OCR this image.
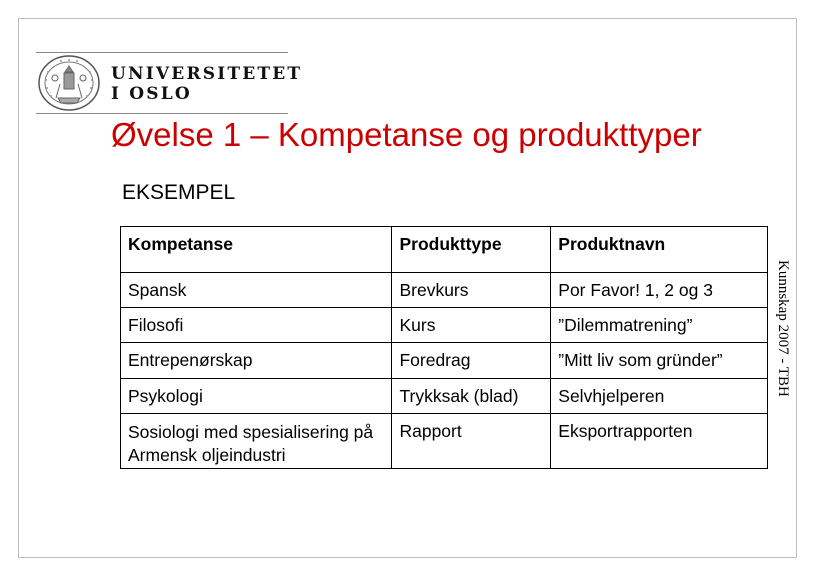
UNIVERSITETET
I OSLO
Øvelse 1 – Kompetanse og produkttyper
EKSEMPEL
Kompetanse	Produkttype	Produktnavn
Spansk	Brevkurs	Por Favor! 1, 2 og 3
Filosofi	Kurs	”Dilemmatrening”
Entrepenørskap	Foredrag	”Mitt liv som gründer”
Psykologi	Trykksak (blad)	Selvhjelperen

Sosiologi med spesialisering på Armensk oljeindustri	Rapport	Eksportrapporten
Kunnskap 2007 - TBH
